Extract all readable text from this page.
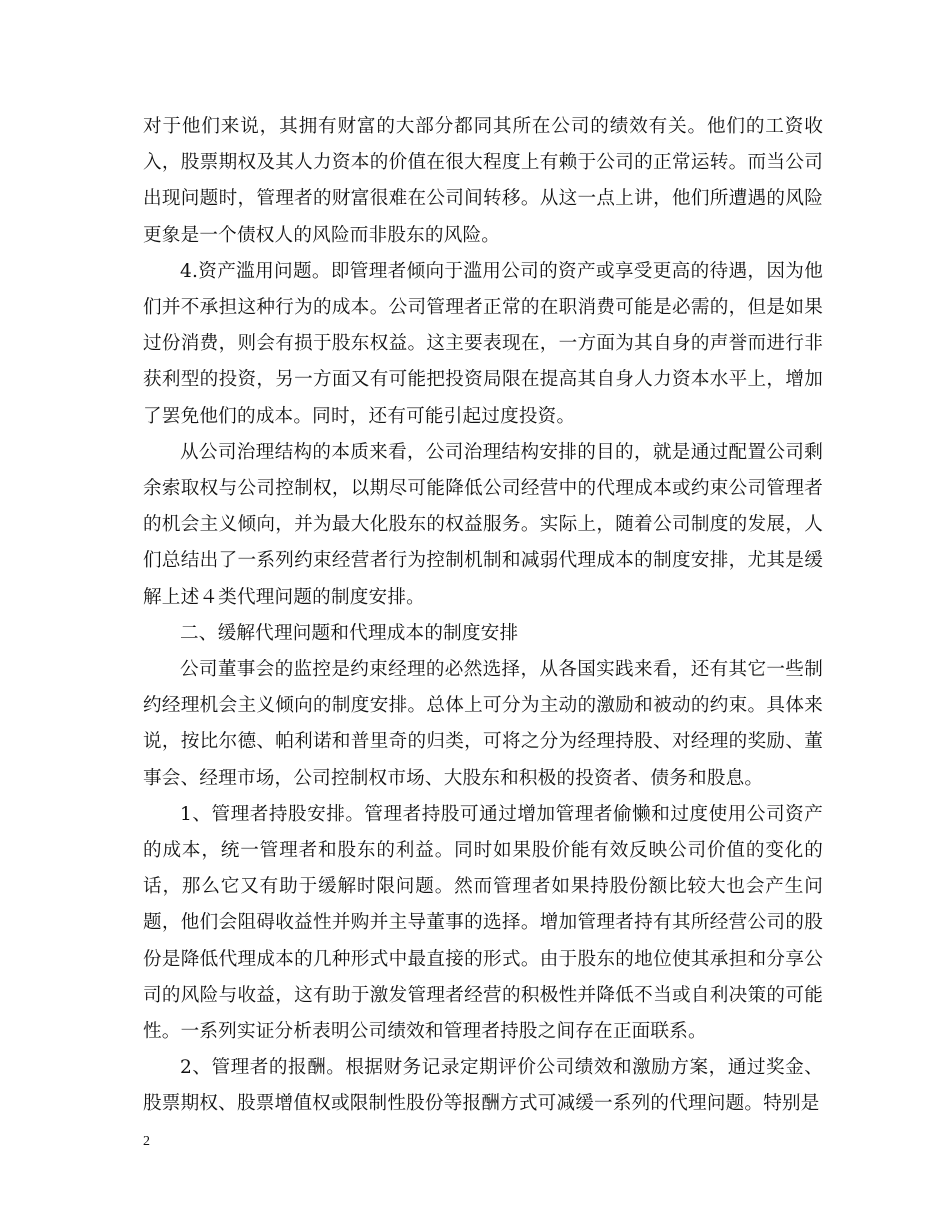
对于他们来说，其拥有财富的大部分都同其所在公司的绩效有关。他们的工资收入，股票期权及其人力资本的价值在很大程度上有赖于公司的正常运转。而当公司出现问题时，管理者的财富很难在公司间转移。从这一点上讲，他们所遭遇的风险更象是一个债权人的风险而非股东的风险。

4.资产滥用问题。即管理者倾向于滥用公司的资产或享受更高的待遇，因为他们并不承担这种行为的成本。公司管理者正常的在职消费可能是必需的，但是如果过份消费，则会有损于股东权益。这主要表现在，一方面为其自身的声誉而进行非获利型的投资，另一方面又有可能把投资局限在提高其自身人力资本水平上，增加了罢免他们的成本。同时，还有可能引起过度投资。

从公司治理结构的本质来看，公司治理结构安排的目的，就是通过配置公司剩余索取权与公司控制权，以期尽可能降低公司经营中的代理成本或约束公司管理者的机会主义倾向，并为最大化股东的权益服务。实际上，随着公司制度的发展，人们总结出了一系列约束经营者行为控制机制和减弱代理成本的制度安排，尤其是缓解上述４类代理问题的制度安排。

二、缓解代理问题和代理成本的制度安排

公司董事会的监控是约束经理的必然选择，从各国实践来看，还有其它一些制约经理机会主义倾向的制度安排。总体上可分为主动的激励和被动的约束。具体来说，按比尔德、帕利诺和普里奇的归类，可将之分为经理持股、对经理的奖励、董事会、经理市场，公司控制权市场、大股东和积极的投资者、债务和股息。

1、管理者持股安排。管理者持股可通过增加管理者偷懒和过度使用公司资产的成本，统一管理者和股东的利益。同时如果股价能有效反映公司价值的变化的话，那么它又有助于缓解时限问题。然而管理者如果持股份额比较大也会产生问题，他们会阻碍收益性并购并主导董事的选择。增加管理者持有其所经营公司的股份是降低代理成本的几种形式中最直接的形式。由于股东的地位使其承担和分享公司的风险与收益，这有助于激发管理者经营的积极性并降低不当或自利决策的可能性。一系列实证分析表明公司绩效和管理者持股之间存在正面联系。

2、管理者的报酬。根据财务记录定期评价公司绩效和激励方案，通过奖金、股票期权、股票增值权或限制性股份等报酬方式可减缓一系列的代理问题。特别是

2
